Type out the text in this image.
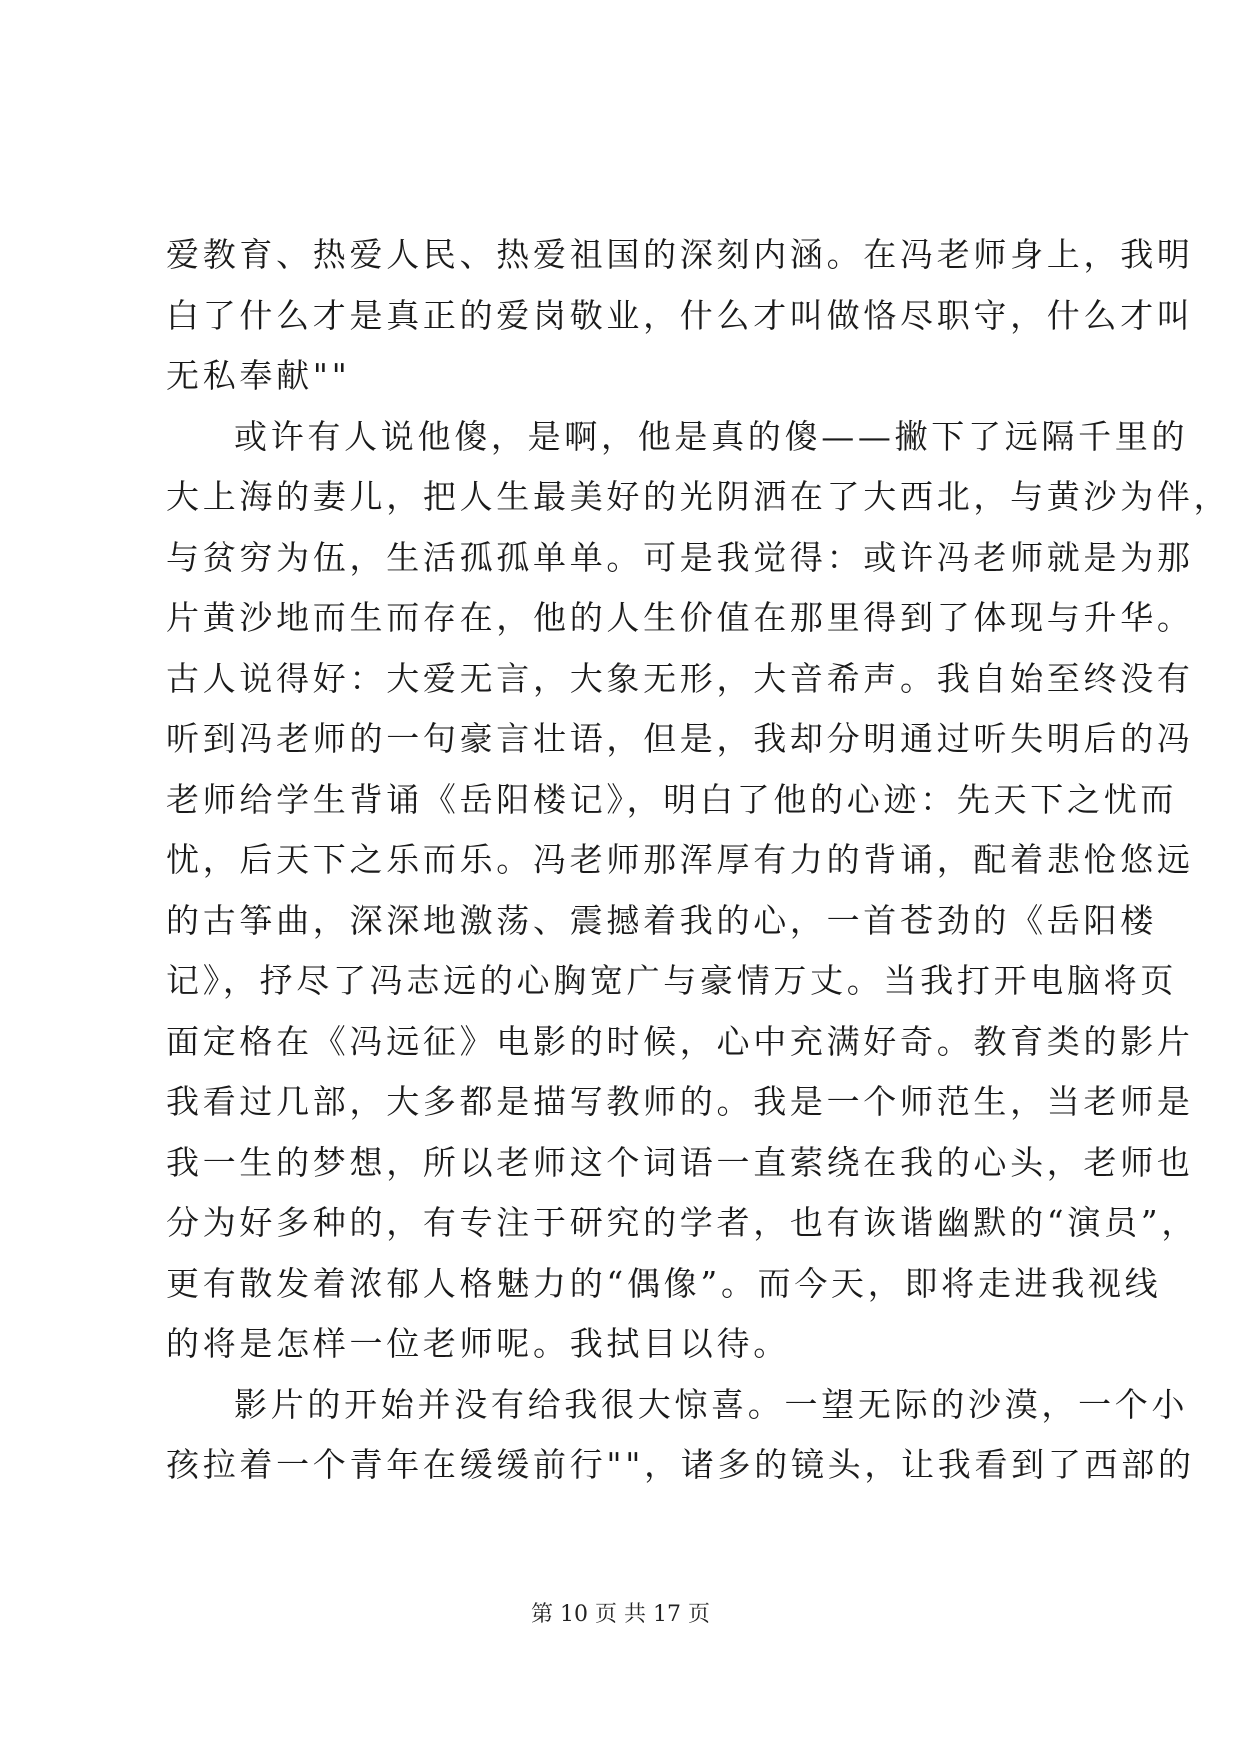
爱教育、热爱人民、热爱祖国的深刻内涵。在冯老师身上，我明
白了什么才是真正的爱岗敬业，什么才叫做恪尽职守，什么才叫
无私奉献""
或许有人说他傻，是啊，他是真的傻——撇下了远隔千里的
大上海的妻儿，把人生最美好的光阴洒在了大西北，与黄沙为伴，
与贫穷为伍，生活孤孤单单。可是我觉得：或许冯老师就是为那
片黄沙地而生而存在，他的人生价值在那里得到了体现与升华。
古人说得好：大爱无言，大象无形，大音希声。我自始至终没有
听到冯老师的一句豪言壮语，但是，我却分明通过听失明后的冯
老师给学生背诵《岳阳楼记》，明白了他的心迹：先天下之忧而
忧，后天下之乐而乐。冯老师那浑厚有力的背诵，配着悲怆悠远
的古筝曲，深深地激荡、震撼着我的心，一首苍劲的《岳阳楼
记》，抒尽了冯志远的心胸宽广与豪情万丈。当我打开电脑将页
面定格在《冯远征》电影的时候，心中充满好奇。教育类的影片
我看过几部，大多都是描写教师的。我是一个师范生，当老师是
我一生的梦想，所以老师这个词语一直萦绕在我的心头，老师也
分为好多种的，有专注于研究的学者，也有诙谐幽默的“演员”，
更有散发着浓郁人格魅力的“偶像”。而今天，即将走进我视线
的将是怎样一位老师呢。我拭目以待。
影片的开始并没有给我很大惊喜。一望无际的沙漠，一个小
孩拉着一个青年在缓缓前行""，诸多的镜头，让我看到了西部的
第 10 页 共 17 页
